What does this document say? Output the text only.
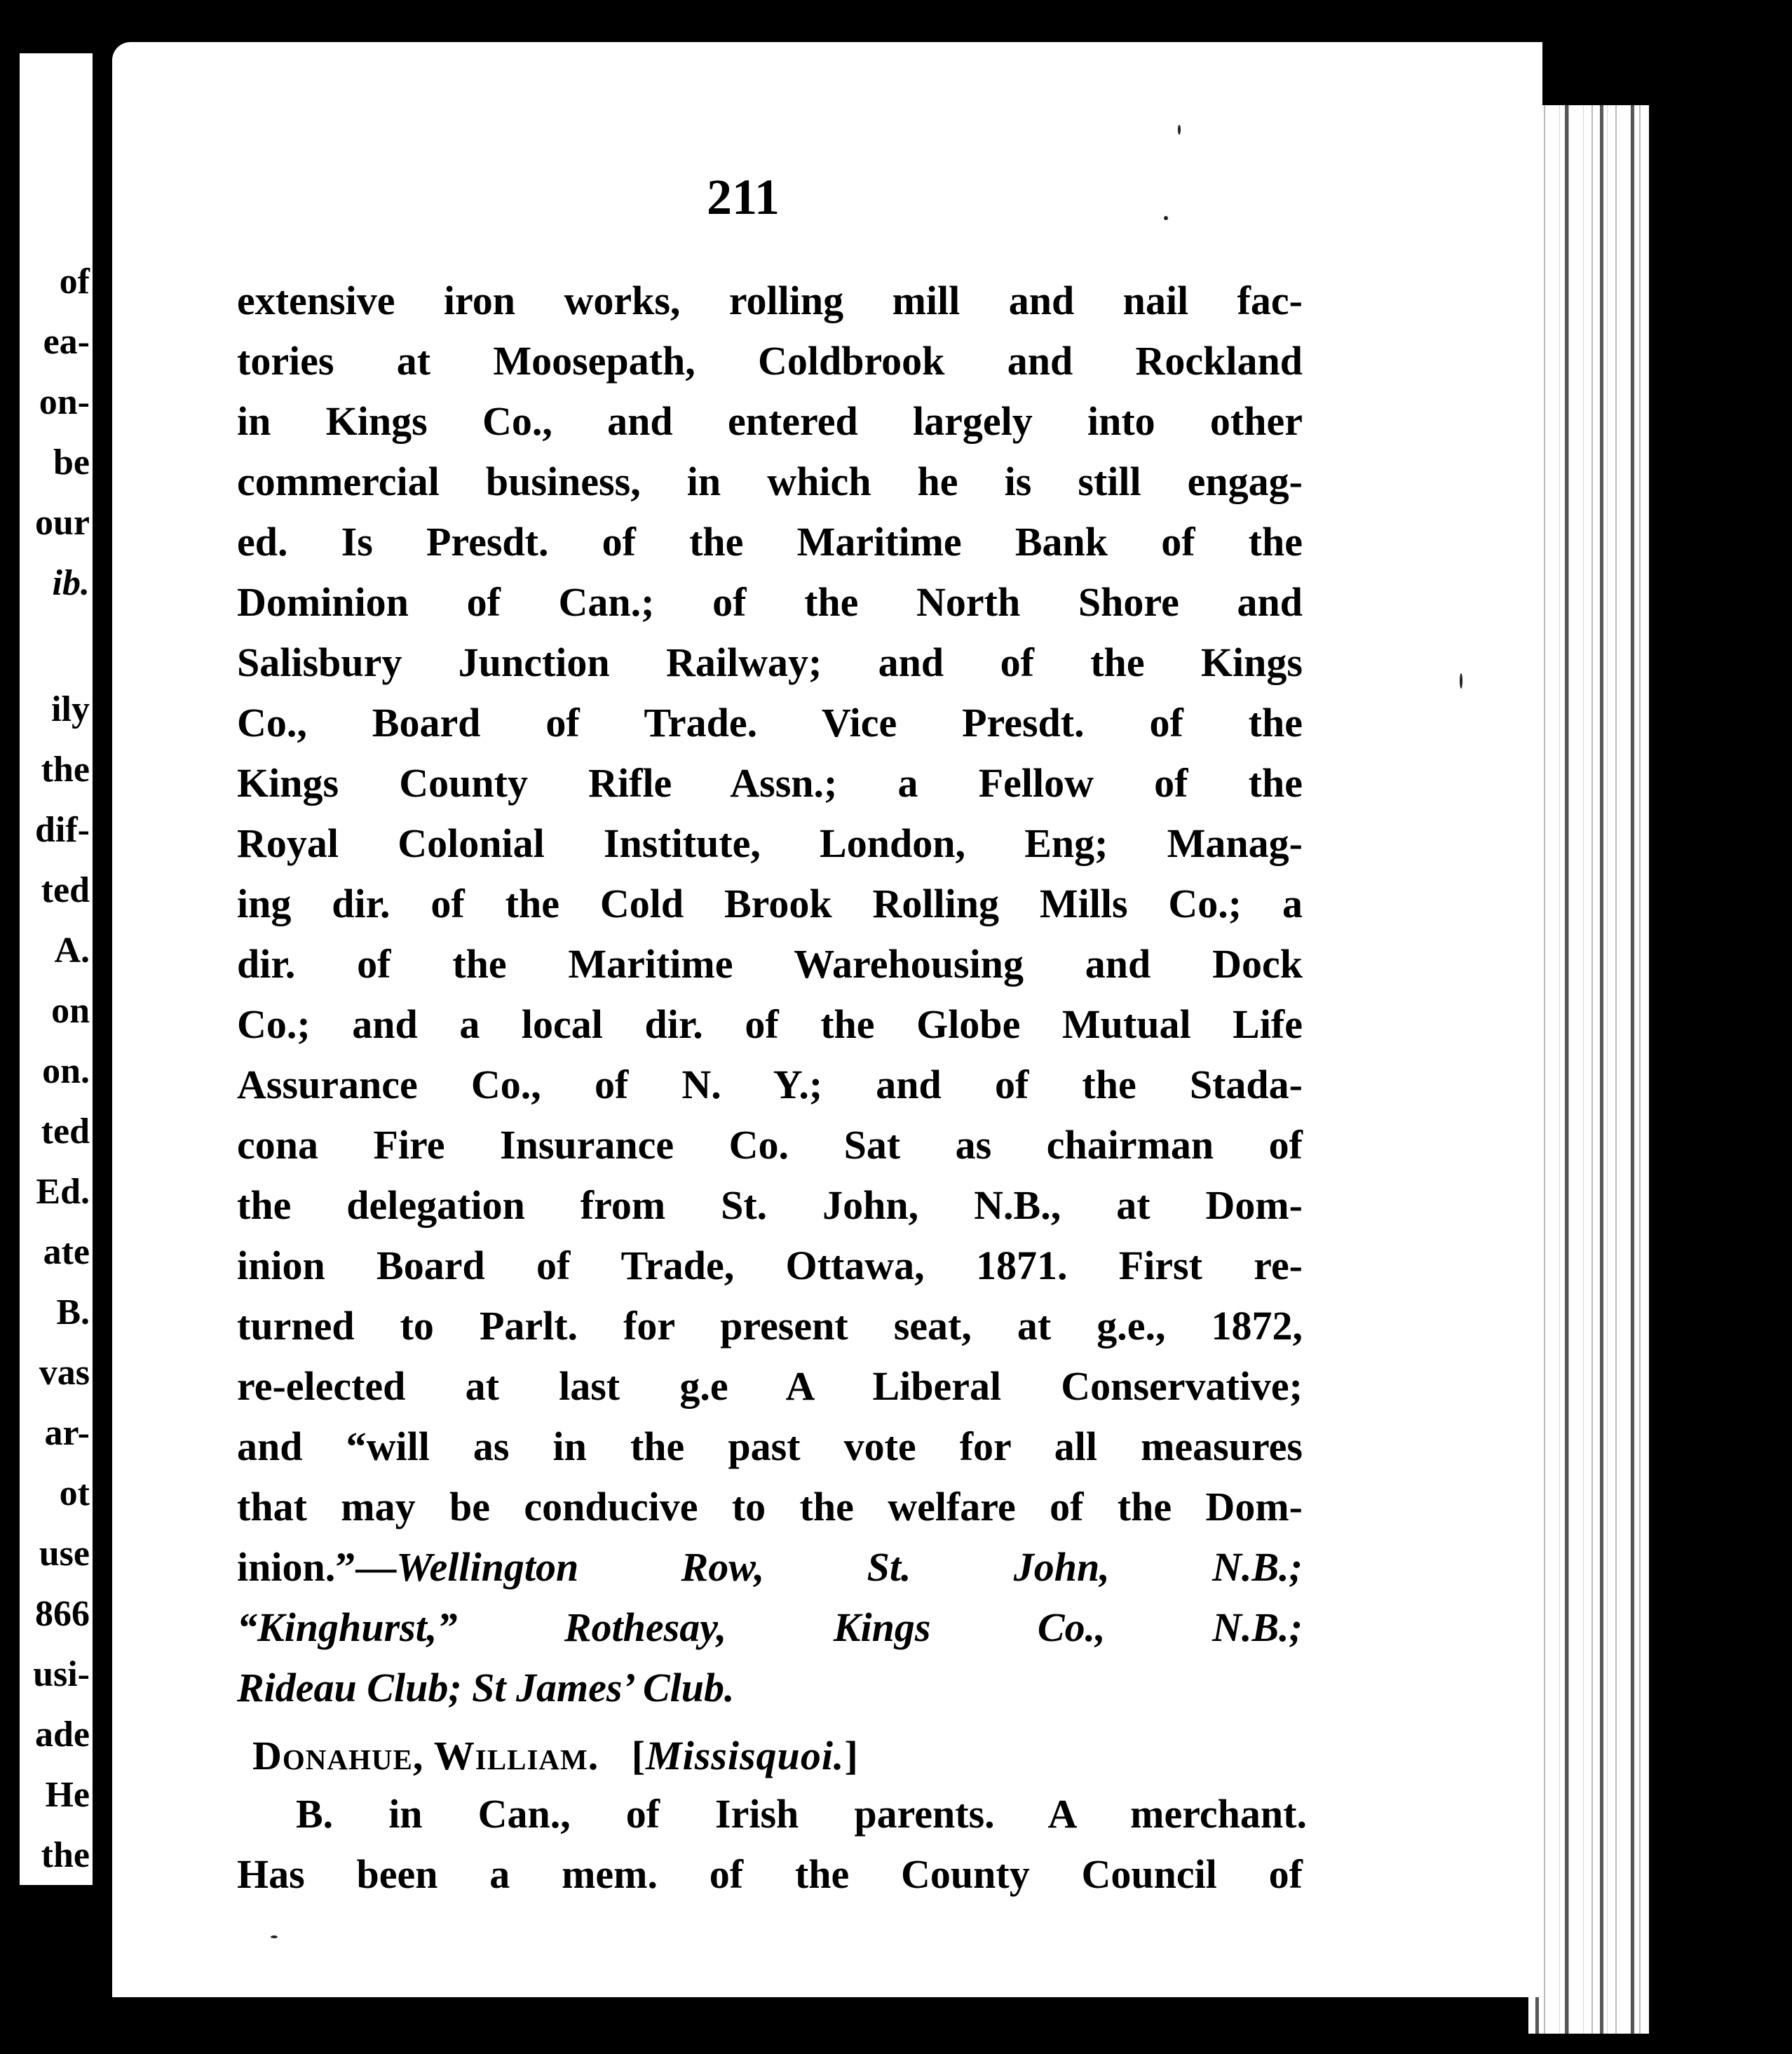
of
ea-
on-
be
our
ib.
ily
the
dif-
ted
A.
on
on.
ted
Ed.
ate
B.
vas
ar-
ot
use
866
usi-
ade
He
the
211
extensive iron works, rolling mill and nail fac-
tories at Moosepath, Coldbrook and Rockland
in Kings Co., and entered largely into other
commercial business, in which he is still engag-
ed. Is Presdt. of the Maritime Bank of the
Dominion of Can.; of the North Shore and
Salisbury Junction Railway; and of the Kings
Co., Board of Trade. Vice Presdt. of the
Kings County Rifle Assn.; a Fellow of the
Royal Colonial Institute, London, Eng; Manag-
ing dir. of the Cold Brook Rolling Mills Co.; a
dir. of the Maritime Warehousing and Dock
Co.; and a local dir. of the Globe Mutual Life
Assurance Co., of N. Y.; and of the Stada-
cona Fire Insurance Co. Sat as chairman of
the delegation from St. John, N.B., at Dom-
inion Board of Trade, Ottawa, 1871. First re-
turned to Parlt. for present seat, at g.e., 1872,
re-elected at last g.e A Liberal Conservative;
and “will as in the past vote for all measures
that may be conducive to the welfare of the Dom-
inion.”—Wellington Row, St. John, N.B.;
“Kinghurst,” Rothesay, Kings Co., N.B.;
Rideau Club; St James’ Club.
Donahue, William. [Missisquoi.]
B. in Can., of Irish parents. A merchant.
Has been a mem. of the County Council of
